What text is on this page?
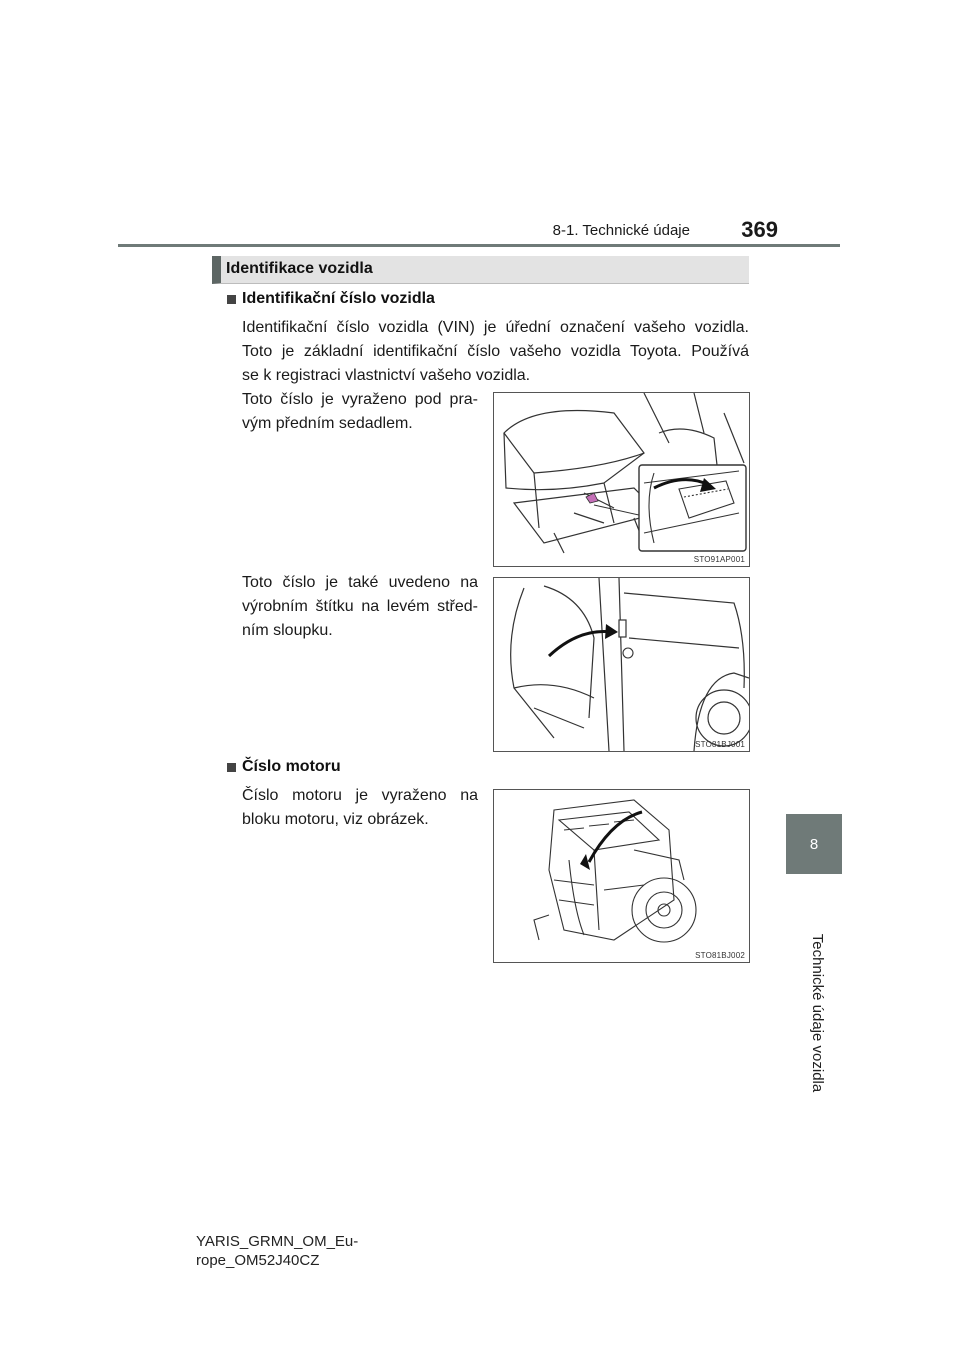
8-1. Technické údaje	369
8
Technické údaje vozidla
Identifikace vozidla
Identifikační číslo vozidla
Identifikační číslo vozidla (VIN) je úřední označení vašeho vozidla.
Toto je základní identifikační číslo vašeho vozidla Toyota. Používá
se k registraci vlastnictví vašeho vozidla.
Toto číslo je vyraženo pod pra-
vým předním sedadlem.
STO91AP001
Toto číslo je také uvedeno na
výrobním štítku na levém střed-
ním sloupku.
STO81BJ001
Číslo motoru
Číslo motoru je vyraženo na
bloku motoru, viz obrázek.
STO81BJ002
YARIS_GRMN_OM_Eu-
rope_OM52J40CZ
